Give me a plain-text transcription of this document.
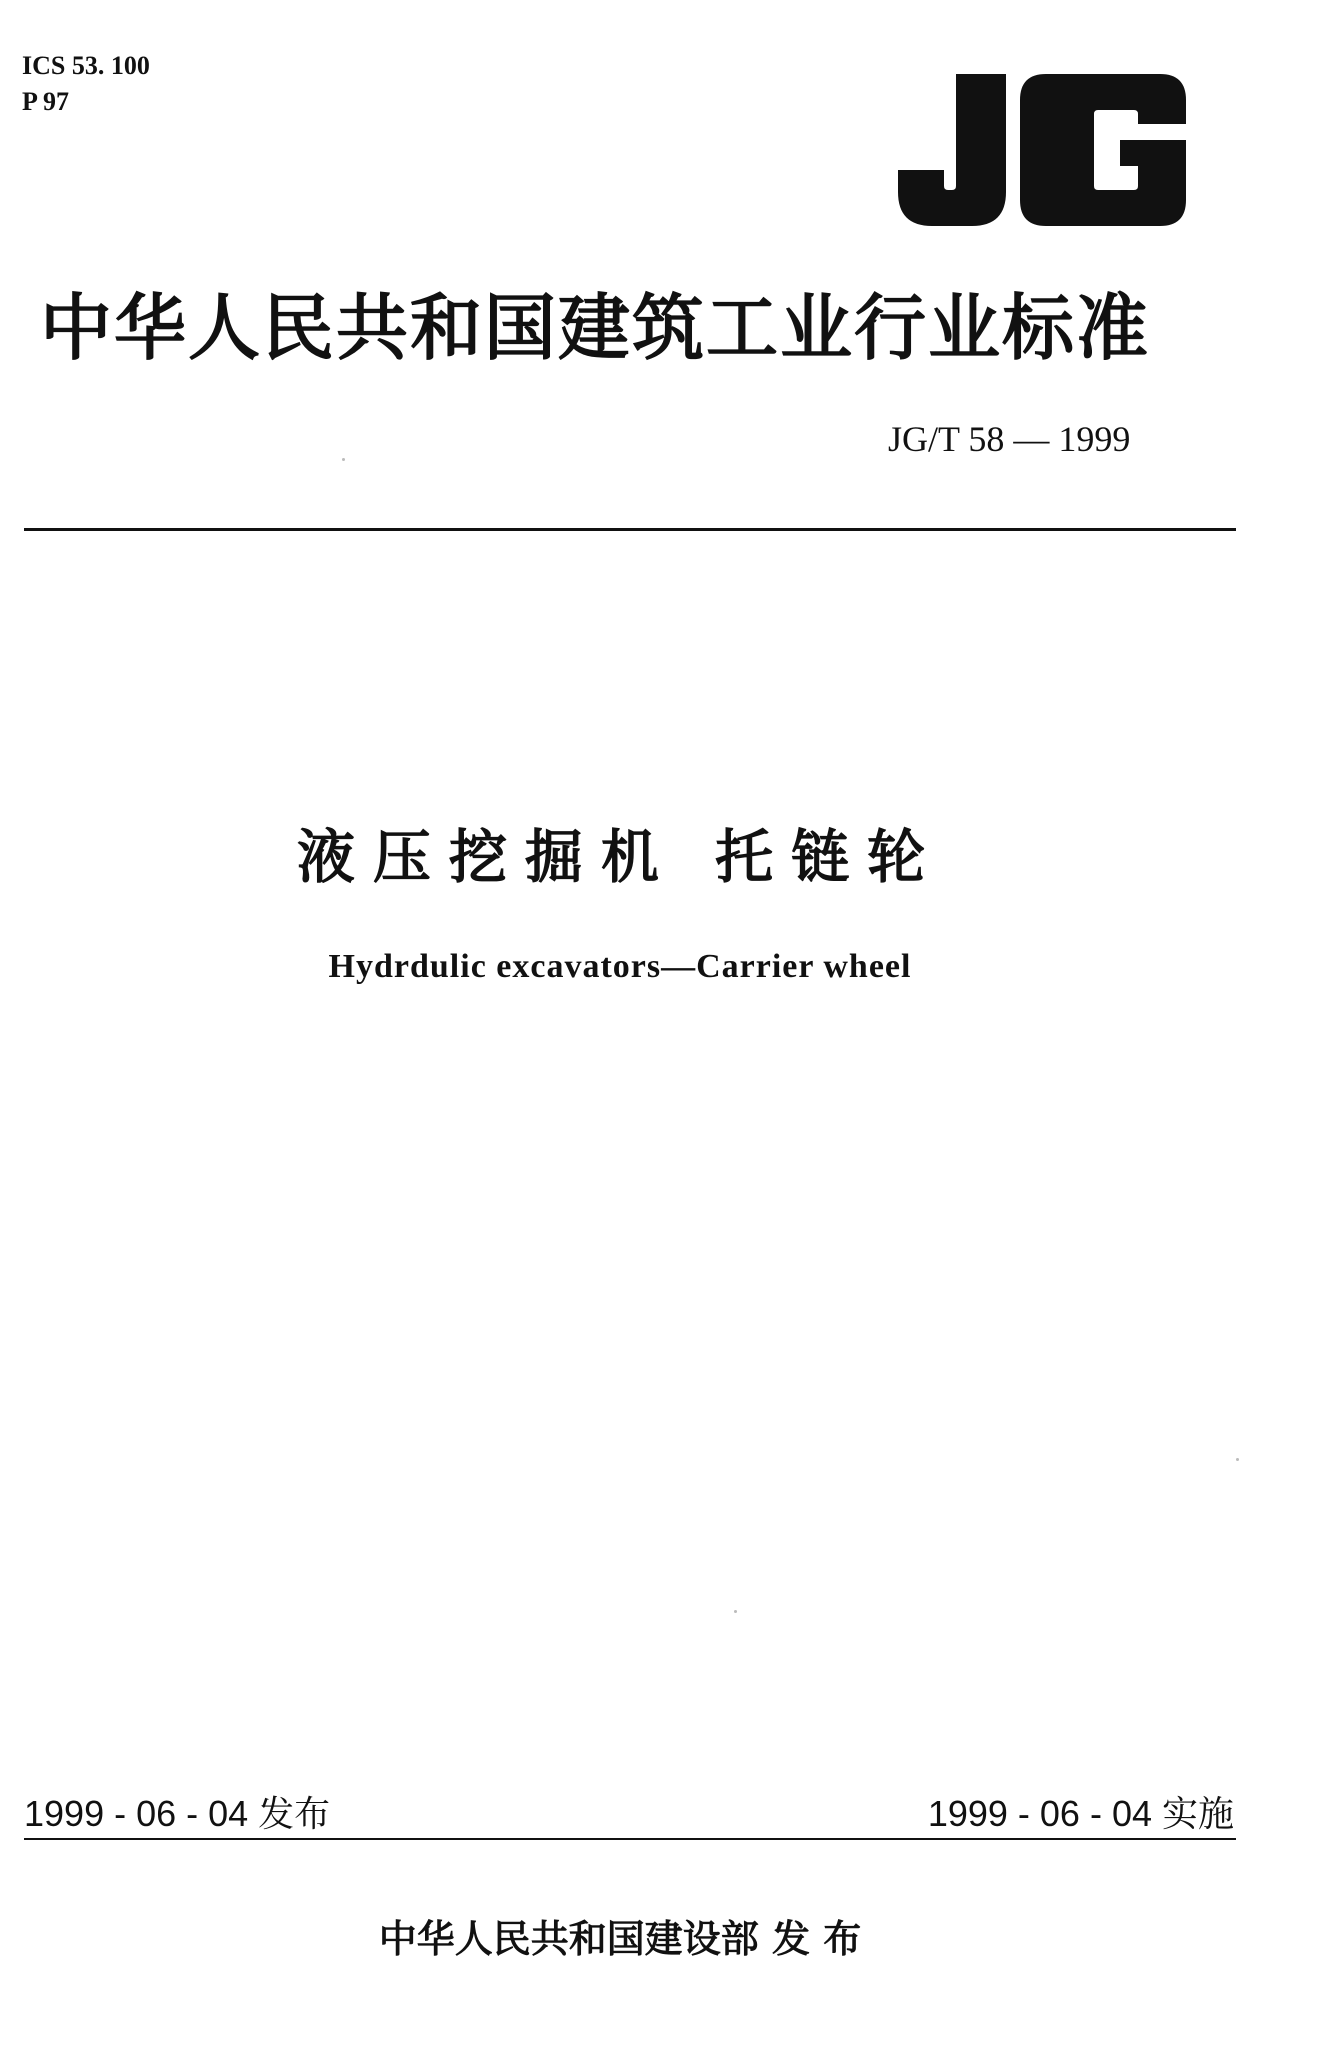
ICS 53. 100
P 97
中华人民共和国建筑工业行业标准
JG/T 58 — 1999
液压挖掘机 托链轮
Hydrdulic excavators—Carrier wheel
1999 - 06 - 04 发布	1999 - 06 - 04 实施
中华人民共和国建设部 发 布
